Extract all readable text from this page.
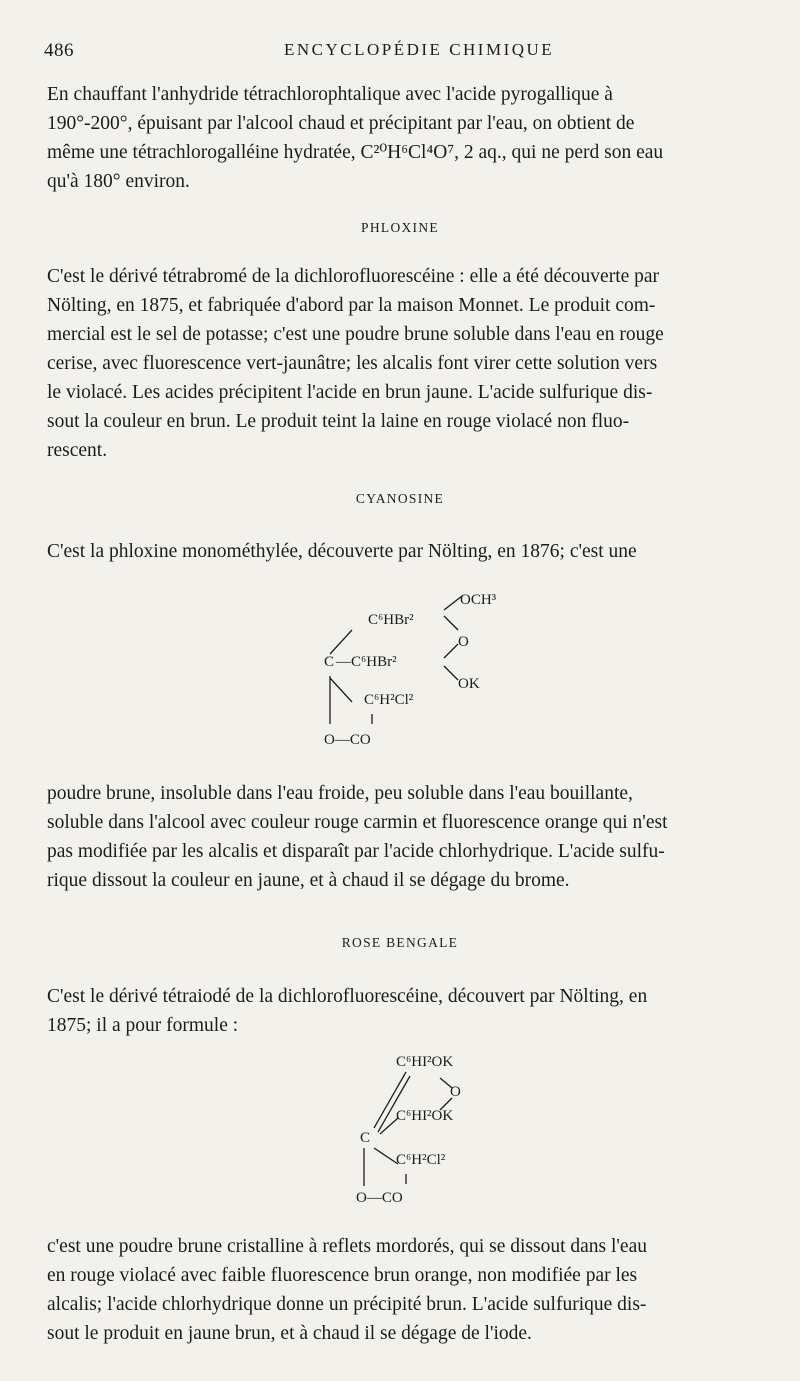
486	ENCYCLOPÉDIE CHIMIQUE
En chauffant l'anhydride tétrachlorophtalique avec l'acide pyrogallique à
190°-200°, épuisant par l'alcool chaud et précipitant par l'eau, on obtient de
même une tétrachlorogalléine hydratée, C²⁰H⁶Cl⁴O⁷, 2 aq., qui ne perd son eau
qu'à 180° environ.
PHLOXINE
C'est le dérivé tétrabromé de la dichlorofluorescéine : elle a été découverte par
Nölting, en 1875, et fabriquée d'abord par la maison Monnet. Le produit com-
mercial est le sel de potasse; c'est une poudre brune soluble dans l'eau en rouge
cerise, avec fluorescence vert-jaunâtre; les alcalis font virer cette solution vers
le violacé. Les acides précipitent l'acide en brun jaune. L'acide sulfurique dis-
sout la couleur en brun. Le produit teint la laine en rouge violacé non fluo-
rescent.
CYANOSINE
C'est la phloxine monométhylée, découverte par Nölting, en 1876; c'est une
OCH³
C⁶HBr²
O
C —C⁶HBr²
OK
C⁶H²Cl²
O—CO
poudre brune, insoluble dans l'eau froide, peu soluble dans l'eau bouillante,
soluble dans l'alcool avec couleur rouge carmin et fluorescence orange qui n'est
pas modifiée par les alcalis et disparaît par l'acide chlorhydrique. L'acide sulfu-
rique dissout la couleur en jaune, et à chaud il se dégage du brome.
ROSE BENGALE
C'est le dérivé tétraiodé de la dichlorofluorescéine, découvert par Nölting, en
1875; il a pour formule :
C⁶HI²OK
O
C⁶HI²OK
C
C⁶H²Cl²
O—CO
c'est une poudre brune cristalline à reflets mordorés, qui se dissout dans l'eau
en rouge violacé avec faible fluorescence brun orange, non modifiée par les
alcalis; l'acide chlorhydrique donne un précipité brun. L'acide sulfurique dis-
sout le produit en jaune brun, et à chaud il se dégage de l'iode.
